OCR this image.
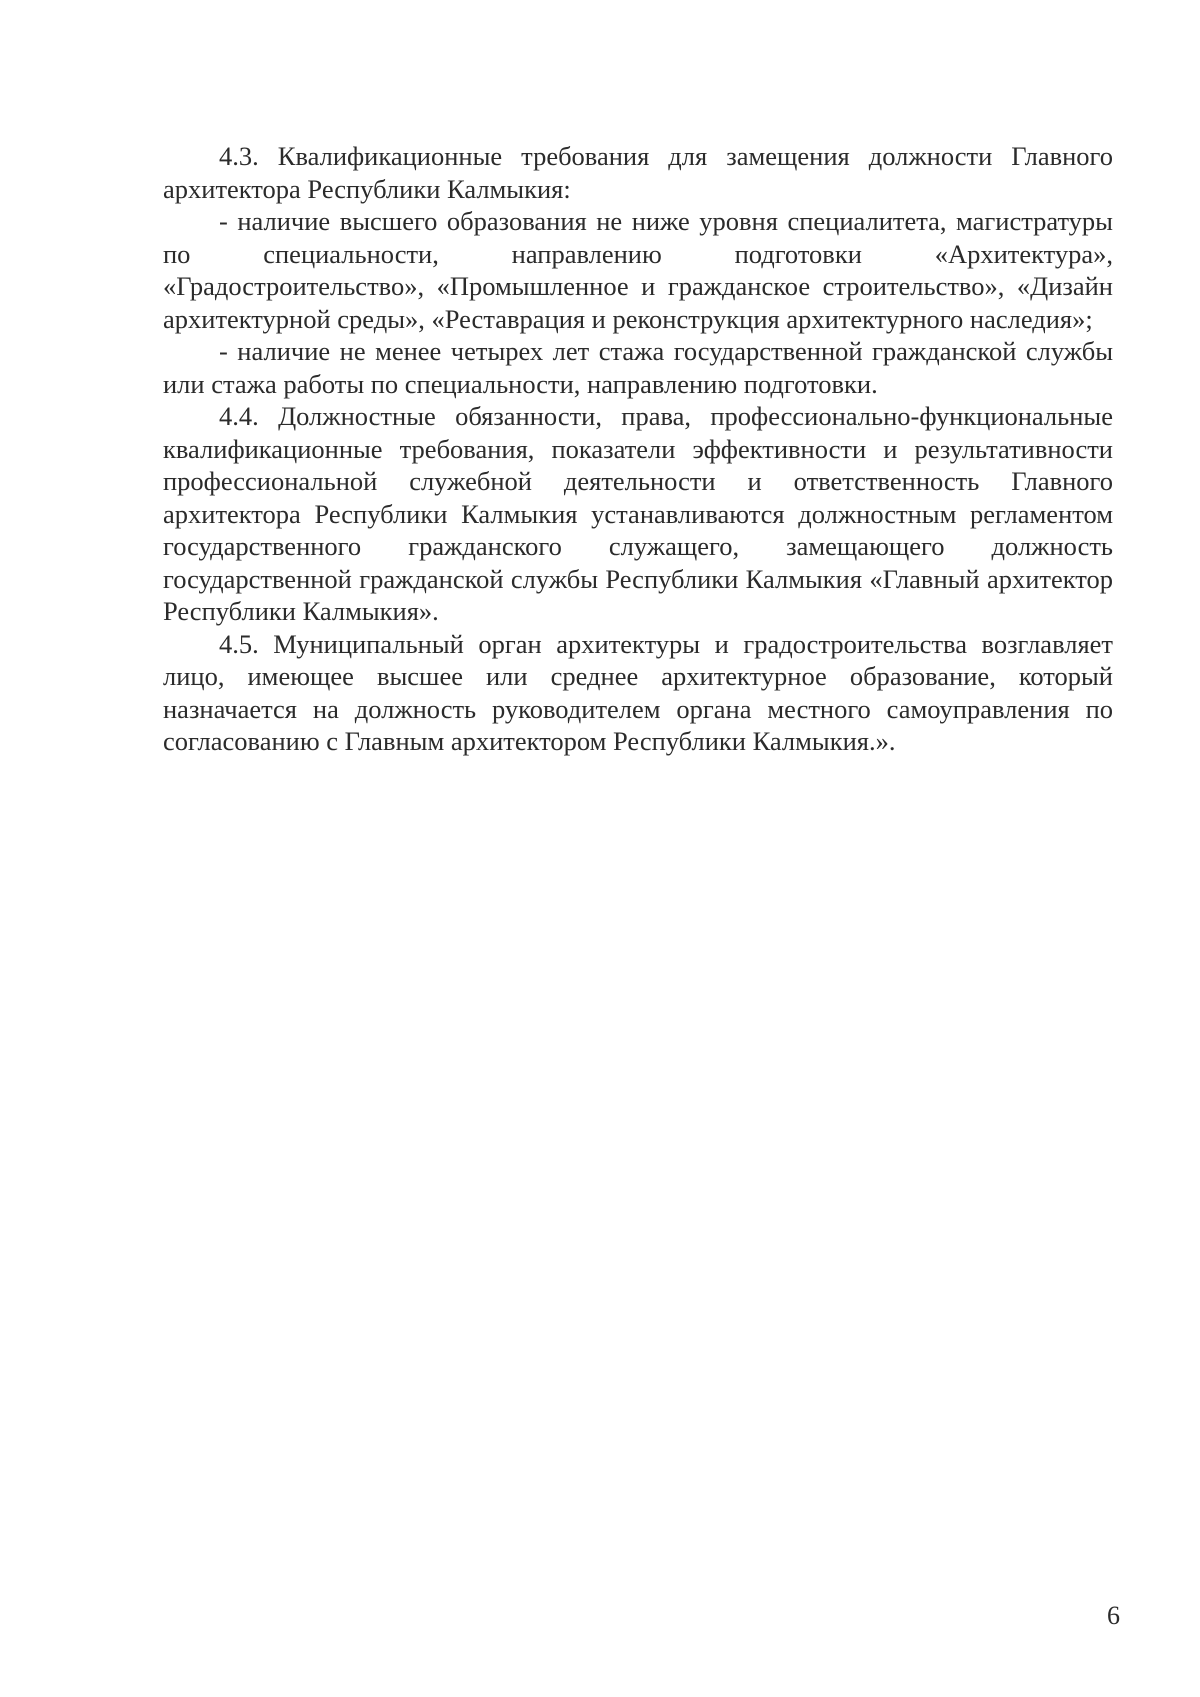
4.3. Квалификационные требования для замещения должности Главного архитектора Республики Калмыкия:

- наличие высшего образования не ниже уровня специалитета, магистратуры по специальности, направлению подготовки «Архитектура», «Градостроительство», «Промышленное и гражданское строительство», «Дизайн архитектурной среды», «Реставрация и реконструкция архитектурного наследия»;

- наличие не менее четырех лет стажа государственной гражданской службы или стажа работы по специальности, направлению подготовки.

4.4. Должностные обязанности, права, профессионально-функциональные квалификационные требования, показатели эффективности и результативности профессиональной служебной деятельности и ответственность Главного архитектора Республики Калмыкия устанавливаются должностным регламентом государственного гражданского служащего, замещающего должность государственной гражданской службы Республики Калмыкия «Главный архитектор Республики Калмыкия».

4.5. Муниципальный орган архитектуры и градостроительства возглавляет лицо, имеющее высшее или среднее архитектурное образование, который назначается на должность руководителем органа местного самоуправления по согласованию с Главным архитектором Республики Калмыкия.».

6
